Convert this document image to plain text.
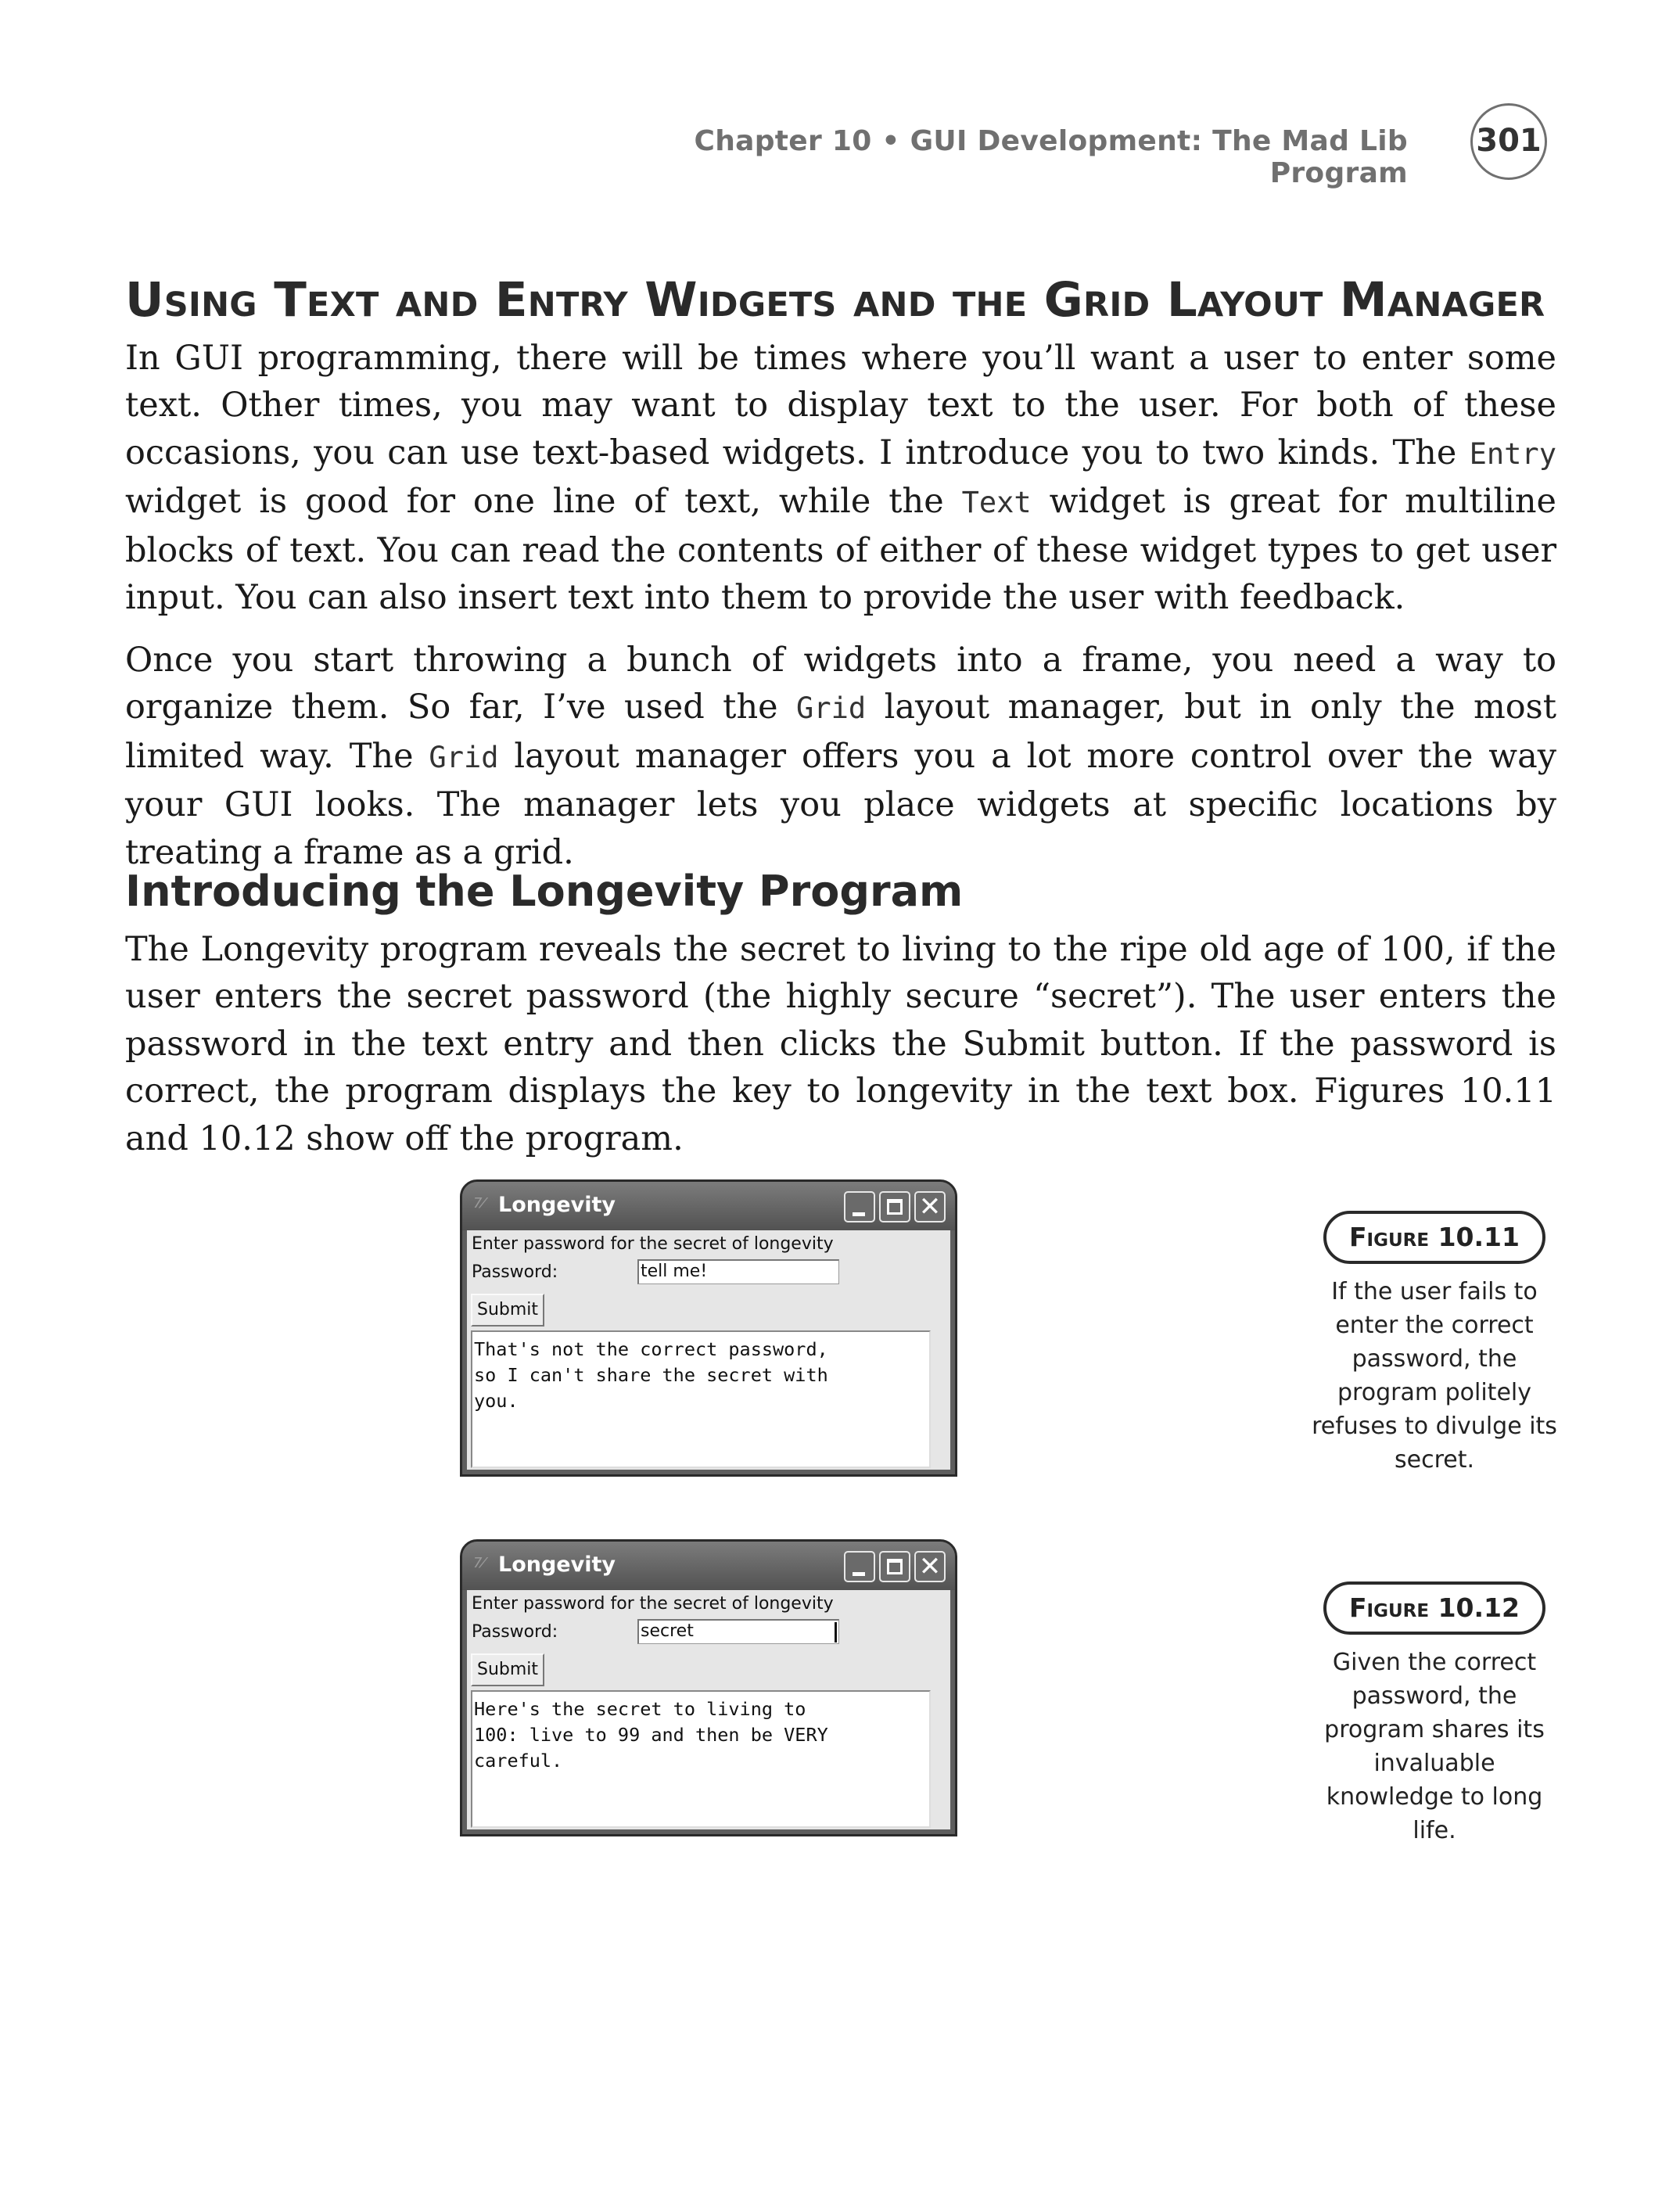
Chapter 10 • GUI Development: The Mad Lib Program
301
Using Text and Entry Widgets and the Grid Layout Manager

In GUI programming, there will be times where you’ll want a user to enter some text. Other times, you may want to display text to the user. For both of these occasions, you can use text-based widgets. I introduce you to two kinds. The Entry widget is good for one line of text, while the Text widget is great for multiline blocks of text. You can read the contents of either of these widget types to get user input. You can also insert text into them to provide the user with feedback.

Once you start throwing a bunch of widgets into a frame, you need a way to organize them. So far, I’ve used the Grid layout manager, but in only the most limited way. The Grid layout manager offers you a lot more control over the way your GUI looks. The manager lets you place widgets at specific locations by treating a frame as a grid.

Introducing the Longevity Program

The Longevity program reveals the secret to living to the ripe old age of 100, if the user enters the secret password (the highly secure “secret”). The user enters the password in the text entry and then clicks the Submit button. If the password is correct, the program displays the key to longevity in the text box. Figures 10.11 and 10.12 show off the program.

7⁄ Longevity	✕
Enter password for the secret of longevity
Password:	tell me!
Submit
That's not the correct password,
so I can't share the secret with
you.
Figure 10.11

If the user fails to enter the correct password, the program politely refuses to divulge its secret.

7⁄ Longevity	✕
Enter password for the secret of longevity
Password:	secret
Submit
Here's the secret to living to
100: live to 99 and then be VERY
careful.
Figure 10.12

Given the correct password, the program shares its invaluable knowledge to long life.
